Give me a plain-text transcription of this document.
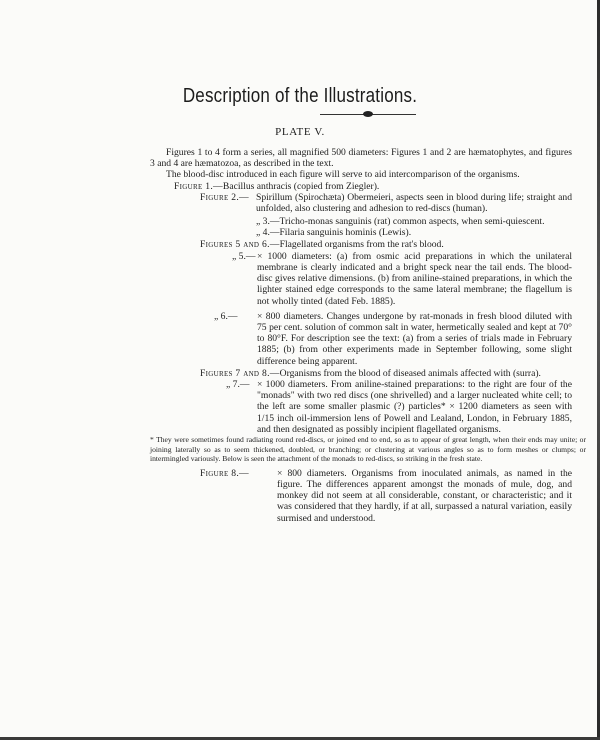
Description of the Illustrations.
PLATE V.

Figures 1 to 4 form a series, all magnified 500 diameters: Figures 1 and 2 are hæmatophytes, and figures 3 and 4 are hæmatozoa, as described in the text.

The blood-disc introduced in each figure will serve to aid intercomparison of the organisms.

Figure 1.— Bacillus anthracis (copied from Ziegler).
Figure 2.— Spirillum (Spirochæta) Obermeieri, aspects seen in blood during life; straight and unfolded, also clustering and adhesion to red-discs (human).
„ 3.— Tricho-monas sanguinis (rat) common aspects, when semi-quiescent.
„ 4.— Filaria sanguinis hominis (Lewis).
Figures 5 and 6.— Flagellated organisms from the rat's blood.
„ 5.— × 1000 diameters: (a) from osmic acid preparations in which the unilateral membrane is clearly indicated and a bright speck near the tail ends. The blood-disc gives relative dimensions. (b) from aniline-stained preparations, in which the lighter stained edge corresponds to the same lateral membrane; the flagellum is not wholly tinted (dated Feb. 1885).
„ 6.—	× 800 diameters. Changes undergone by rat-monads in fresh blood diluted with 75 per cent. solution of common salt in water, hermetically sealed and kept at 70° to 80°F. For description see the text: (a) from a series of trials made in February 1885; (b) from other experiments made in September following, some slight difference being apparent.
Figures 7 and 8.— Organisms from the blood of diseased animals affected with (surra).
„ 7.— × 1000 diameters. From aniline-stained preparations: to the right are four of the "monads" with two red discs (one shrivelled) and a larger nucleated white cell; to the left are some smaller plasmic (?) particles* × 1200 diameters as seen with 1/15 inch oil-immersion lens of Powell and Lealand, London, in February 1885, and then designated as possibly incipient flagellated organisms.

* They were sometimes found radiating round red-discs, or joined end to end, so as to appear of great length, when their ends may unite; or joining laterally so as to seem thickened, doubled, or branching; or clustering at various angles so as to form meshes or clumps; or intermingled variously. Below is seen the attachment of the monads to red-discs, so striking in the fresh state.

Figure 8.—	× 800 diameters. Organisms from inoculated animals, as named in the figure. The differences apparent amongst the monads of mule, dog, and monkey did not seem at all considerable, constant, or characteristic; and it was considered that they hardly, if at all, surpassed a natural variation, easily surmised and understood.
